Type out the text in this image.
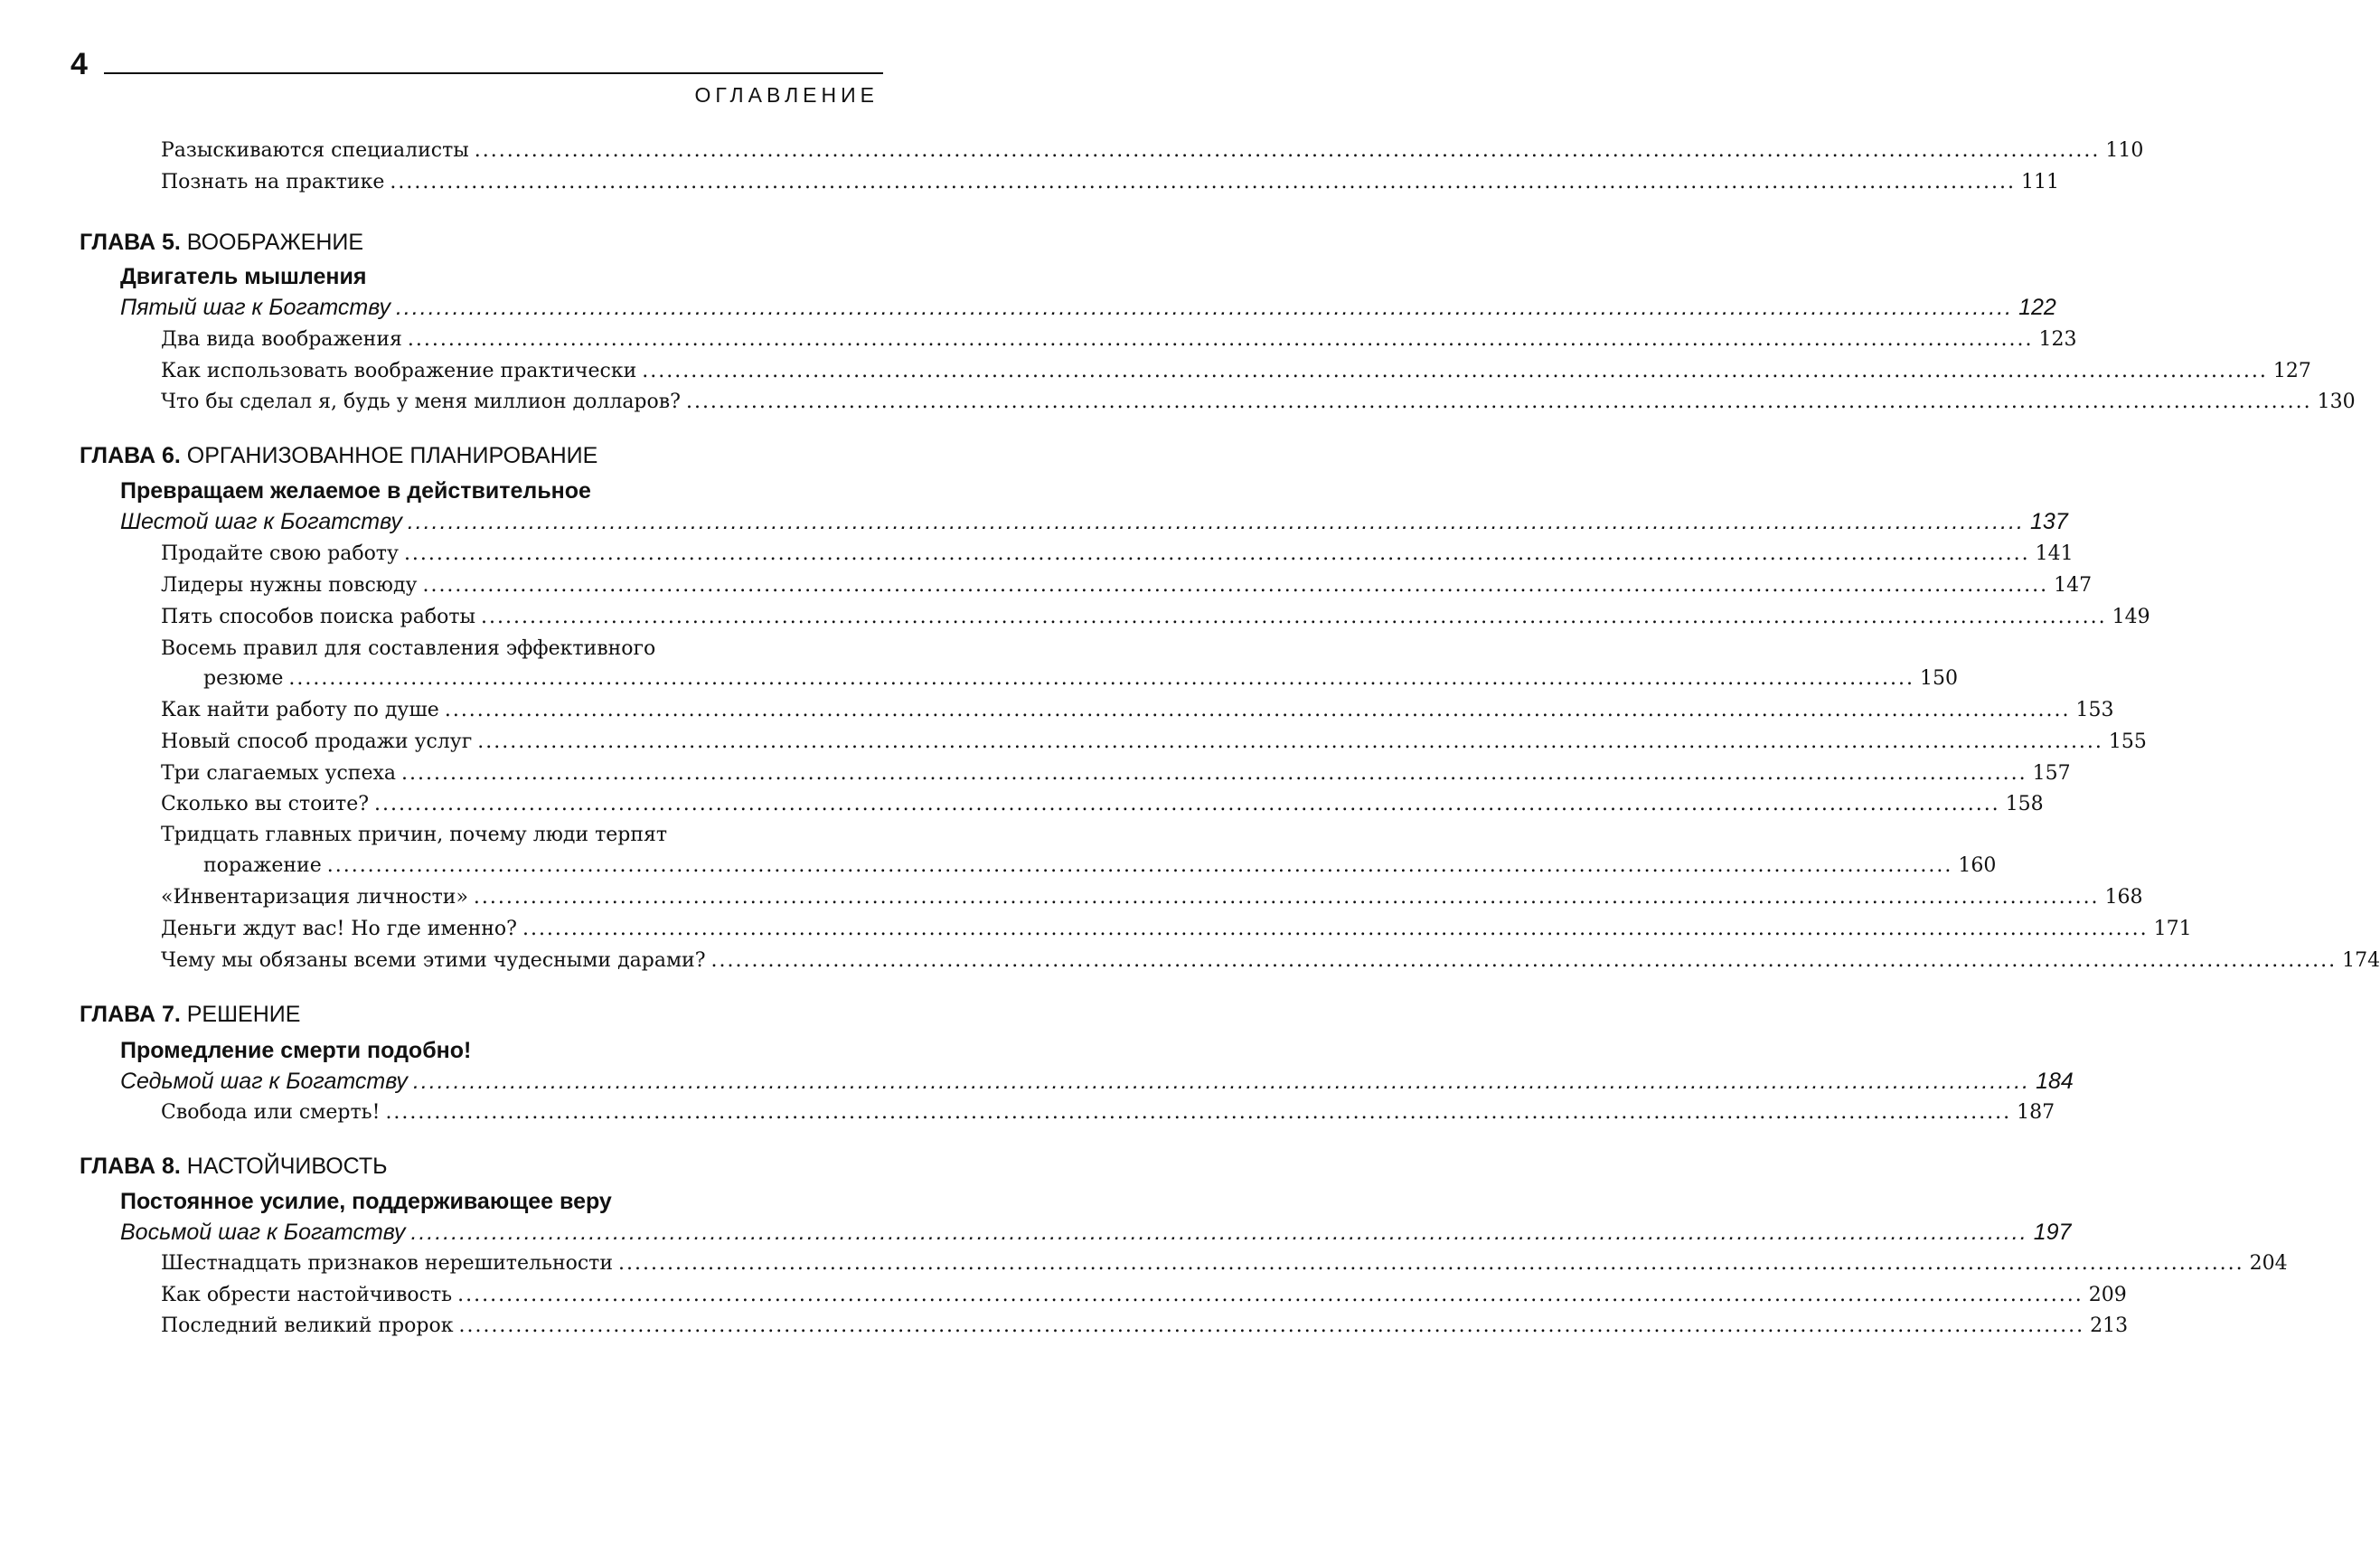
4
ОГЛАВЛЕНИЕ
Разыскиваются специалисты ........................................................................................................................................................................................................ 110
Познать на практике ........................................................................................................................................................................................................ 111
ГЛАВА 5. ВООБРАЖЕНИЕ
Двигатель мышления
Пятый шаг к Богатству ........................................................................................................................................................................................................ 122
Два вида воображения ........................................................................................................................................................................................................ 123
Как использовать воображение практически ........................................................................................................................................................................................................ 127
Что бы сделал я, будь у меня миллион долларов? ........................................................................................................................................................................................................ 130
ГЛАВА 6. ОРГАНИЗОВАННОЕ ПЛАНИРОВАНИЕ
Превращаем желаемое в действительное
Шестой шаг к Богатству ........................................................................................................................................................................................................ 137
Продайте свою работу ........................................................................................................................................................................................................ 141
Лидеры нужны повсюду ........................................................................................................................................................................................................ 147
Пять способов поиска работы ........................................................................................................................................................................................................ 149
Восемь правил для составления эффективного
резюме ........................................................................................................................................................................................................ 150
Как найти работу по душе ........................................................................................................................................................................................................ 153
Новый способ продажи услуг ........................................................................................................................................................................................................ 155
Три слагаемых успеха ........................................................................................................................................................................................................ 157
Сколько вы стоите? ........................................................................................................................................................................................................ 158
Тридцать главных причин, почему люди терпят
поражение ........................................................................................................................................................................................................ 160
«Инвентаризация личности» ........................................................................................................................................................................................................ 168
Деньги ждут вас! Но где именно? ........................................................................................................................................................................................................ 171
Чему мы обязаны всеми этими чудесными дарами? ........................................................................................................................................................................................................ 174
ГЛАВА 7. РЕШЕНИЕ
Промедление смерти подобно!
Седьмой шаг к Богатству ........................................................................................................................................................................................................ 184
Свобода или смерть! ........................................................................................................................................................................................................ 187
ГЛАВА 8. НАСТОЙЧИВОСТЬ
Постоянное усилие, поддерживающее веру
Восьмой шаг к Богатству ........................................................................................................................................................................................................ 197
Шестнадцать признаков нерешительности ........................................................................................................................................................................................................ 204
Как обрести настойчивость ........................................................................................................................................................................................................ 209
Последний великий пророк ........................................................................................................................................................................................................ 213
